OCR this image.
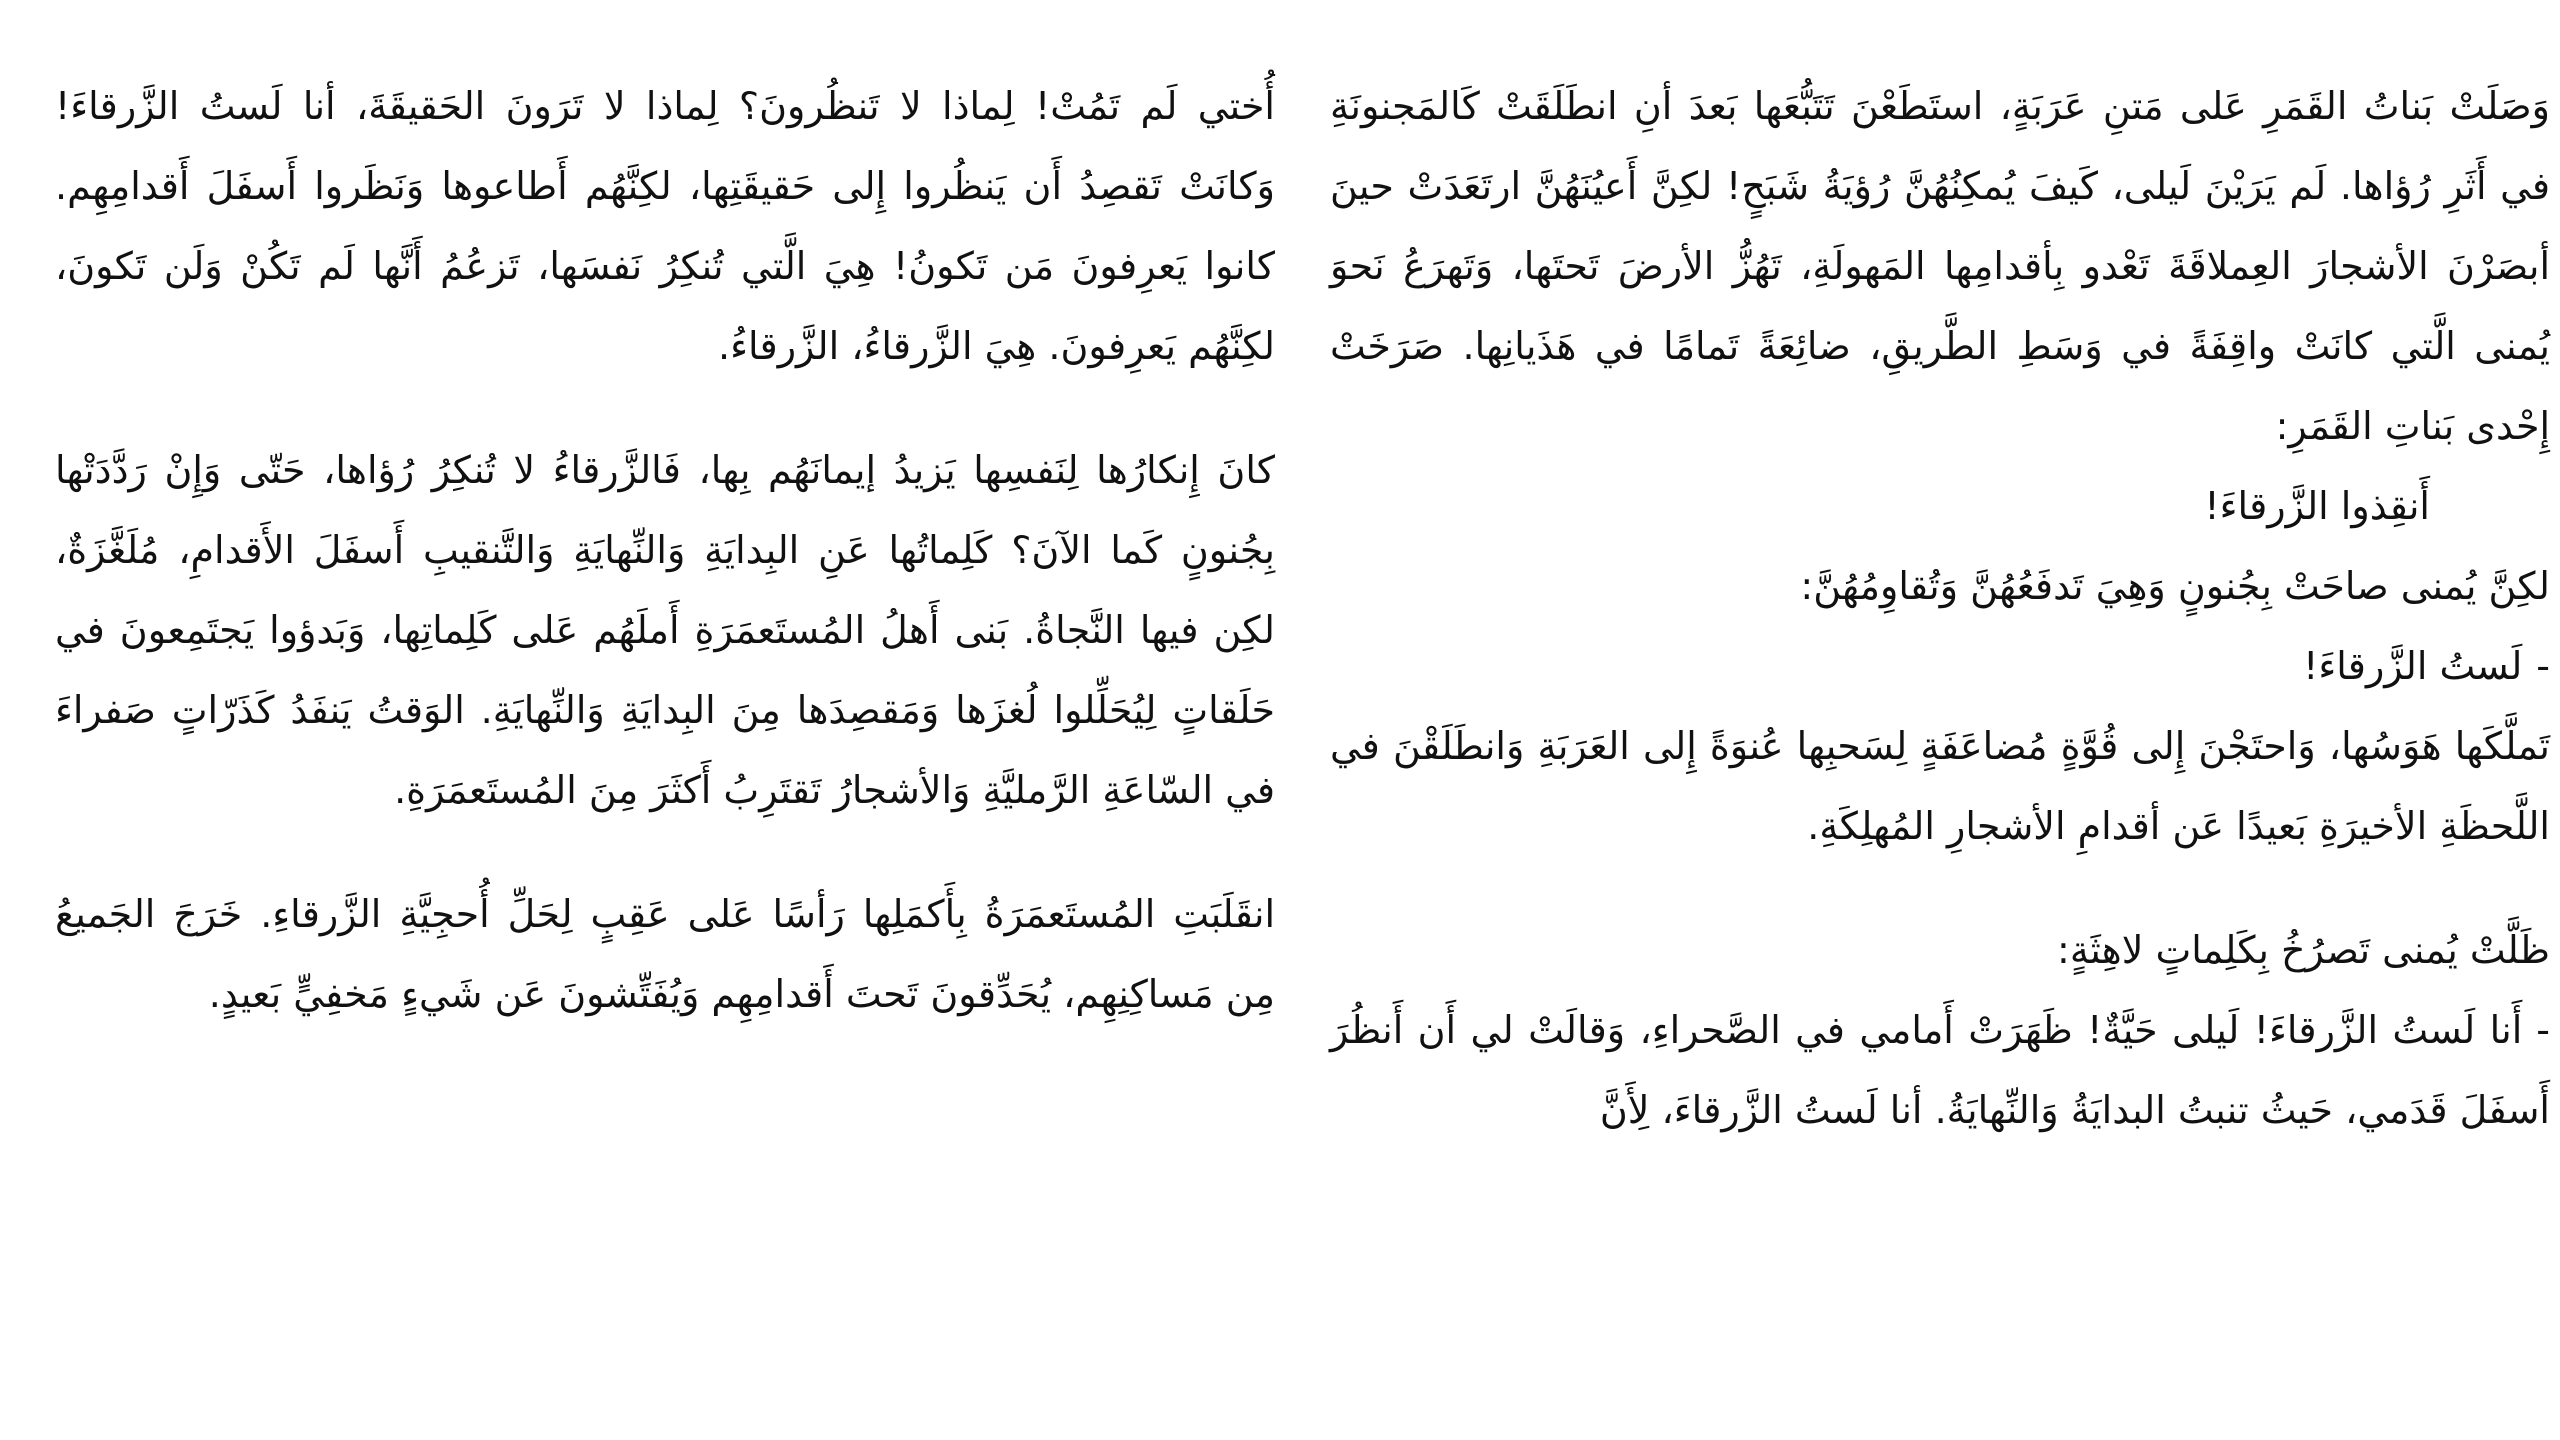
وَصَلَتْ بَناتُ القَمَرِ عَلى مَتنِ عَرَبَةٍ، استَطَعْنَ تَتَبُّعَها بَعدَ أنِ انطَلَقَتْ كَالمَجنونَةِ في أَثَرِ رُؤاها. لَم يَرَيْنَ لَيلى، كَيفَ يُمكِنُهُنَّ رُؤيَةُ شَبَحٍ! لكِنَّ أَعيُنَهُنَّ ارتَعَدَتْ حينَ أبصَرْنَ الأشجارَ العِملاقَةَ تَعْدو بِأقدامِها المَهولَةِ، تَهُزُّ الأرضَ تَحتَها، وَتَهرَعُ نَحوَ يُمنى الَّتي كانَتْ واقِفَةً في وَسَطِ الطَّريقِ، ضائِعَةً تَمامًا في هَذَيانِها. صَرَخَتْ إِحْدى بَناتِ القَمَرِ:

أَنقِذوا الزَّرقاءَ!

لكِنَّ يُمنى صاحَتْ بِجُنونٍ وَهِيَ تَدفَعُهُنَّ وَتُقاوِمُهُنَّ:

-لَستُ الزَّرقاءَ!

تَملَّكَها هَوَسُها، وَاحتَجْنَ إِلى قُوَّةٍ مُضاعَفَةٍ لِسَحبِها عُنوَةً إِلى العَرَبَةِ وَانطَلَقْنَ في اللَّحظَةِ الأخيرَةِ بَعيدًا عَن أقدامِ الأشجارِ المُهلِكَةِ.

ظَلَّتْ يُمنى تَصرُخُ بِكَلِماتٍ لاهِثَةٍ:

-أَنا لَستُ الزَّرقاءَ! لَيلى حَيَّةٌ! ظَهَرَتْ أَمامي في الصَّحراءِ، وَقالَتْ لي أَن أَنظُرَ أَسفَلَ قَدَمي، حَيثُ تنبتُ البدايَةُ وَالنِّهايَةُ. أنا لَستُ الزَّرقاءَ، لِأَنَّ

أُختي لَم تَمُتْ! لِماذا لا تَنظُرونَ؟ لِماذا لا تَرَونَ الحَقيقَةَ، أنا لَستُ الزَّرقاءَ! وَكانَتْ تَقصِدُ أَن يَنظُروا إِلى حَقيقَتِها، لكِنَّهُم أَطاعوها وَنَظَروا أَسفَلَ أَقدامِهِم. كانوا يَعرِفونَ مَن تَكونُ! هِيَ الَّتي تُنكِرُ نَفسَها، تَزعُمُ أَنَّها لَم تَكُنْ وَلَن تَكونَ، لكِنَّهُم يَعرِفونَ. هِيَ الزَّرقاءُ، الزَّرقاءُ.

كانَ إِنكارُها لِنَفسِها يَزيدُ إيمانَهُم بِها، فَالزَّرقاءُ لا تُنكِرُ رُؤاها، حَتّى وَإِنْ رَدَّدَتْها بِجُنونٍ كَما الآنَ؟ كَلِماتُها عَنِ البِدايَةِ وَالنِّهايَةِ وَالتَّنقيبِ أَسفَلَ الأَقدامِ، مُلَغَّزَةٌ، لكِن فيها النَّجاةُ. بَنى أَهلُ المُستَعمَرَةِ أَملَهُم عَلى كَلِماتِها، وَبَدؤوا يَجتَمِعونَ في حَلَقاتٍ لِيُحَلِّلوا لُغزَها وَمَقصِدَها مِنَ البِدايَةِ وَالنِّهايَةِ. الوَقتُ يَنفَدُ كَذَرّاتٍ صَفراءَ في السّاعَةِ الرَّمليَّةِ وَالأشجارُ تَقتَرِبُ أَكثَرَ مِنَ المُستَعمَرَةِ.

انقَلَبَتِ المُستَعمَرَةُ بِأَكمَلِها رَأسًا عَلى عَقِبٍ لِحَلِّ أُحجِيَّةِ الزَّرقاءِ. خَرَجَ الجَميعُ مِن مَساكِنِهِم، يُحَدِّقونَ تَحتَ أَقدامِهِم وَيُفَتِّشونَ عَن شَيءٍ مَخفِيٍّ بَعيدٍ.
